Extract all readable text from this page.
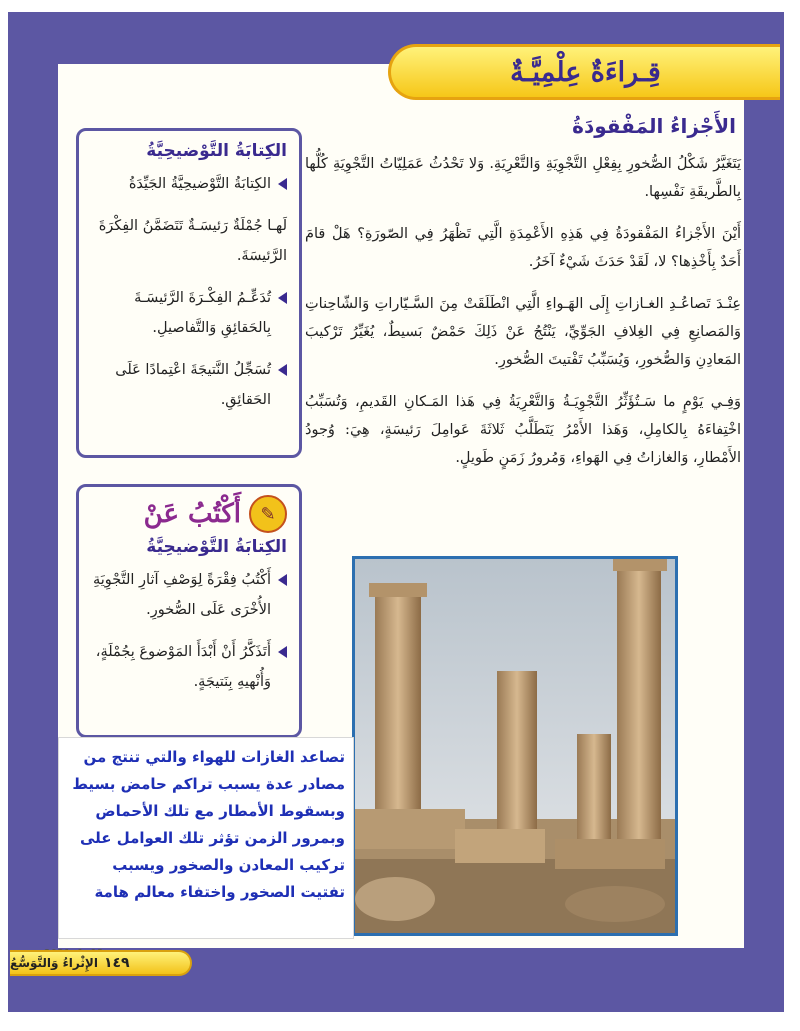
قِـراءَةٌ عِلْمِيَّـةٌ
الأَجْزاءُ المَفْقودَةُ

يَتَغَيَّرُ شَكْلُ الصُّخورِ بِفِعْلِ التَّجْوِيَةِ وَالتَّعْرِيَةِ. وَلا تَحْدُثُ عَمَلِيّاتُ التَّجْوِيَةِ كُلُّها بِالطَّريقَةِ نَفْسِها.

أَيْنَ الأَجْزاءُ المَفْقودَةُ فِي هَذِهِ الأَعْمِدَةِ الَّتِي تَظْهَرُ فِي الصّورَةِ؟ هَلْ قامَ أَحَدٌ بِأَخْذِها؟ لا، لَقَدْ حَدَثَ شَيْءٌ آخَرُ.

عِنْـدَ تَصاعُـدِ الغـازاتِ إِلَى الهَـواءِ الَّتِي انْطَلَقَتْ مِنَ السَّـيّاراتِ وَالشّاحِناتِ وَالمَصانِعِ فِي الغِلافِ الجَوِّيِّ، يَنْتُجُ عَنْ ذَلِكَ حَمْضٌ بَسيطٌ، يُغَيِّرُ تَرْكيبَ المَعادِنِ وَالصُّخورِ، وَيُسَبِّبُ تَفْتيتَ الصُّخورِ.

وَفِـي يَوْمٍ ما سَـتُؤَثِّرُ التَّجْوِيَـةُ وَالتَّعْرِيَةُ فِي هَذا المَـكانِ القَديمِ، وَتُسَبِّبُ اخْتِفاءَهُ بِالكامِلِ، وَهَذا الأَمْرُ يَتَطَلَّبُ ثَلاثَةَ عَوامِلَ رَئيسَةٍ، هِيَ: وُجودُ الأَمْطارِ، وَالغازاتُ فِي الهَواءِ، وَمُرورُ زَمَنٍ طَويلٍ.

الكِتابَةُ التَّوْضيحِيَّةُ
الكِتابَةُ التَّوْضيحِيَّةُ الجَيِّدَةُ

لَهـا جُمْلَةٌ رَئيسَـةٌ تَتَضَمَّنُ الفِكْرَةَ الرَّئيسَةَ.

تُدَعِّـمُ الفِكْـرَةَ الرَّئيسَـةَ بِالحَقائِقِ وَالتَّفاصيلِ.
تُسَجِّلُ النَّتيجَةَ اعْتِمادًا عَلَى الحَقائِقِ.
✎
أَكْتُبُ عَنْ
الكِتابَةُ التَّوْضيحِيَّةُ
أَكْتُبُ فِقْرَةً لِوَصْفِ آثارِ التَّجْوِيَةِ الأُخْرَى عَلَى الصُّخورِ.
أَتَذَكَّرُ أَنْ أَبْدَأَ المَوْضوعَ بِجُمْلَةٍ، وَأُنْهيهِ بِنَتيجَةٍ.
تصاعد الغازات للهواء والتي تنتج من مصادر عدة يسبب تراكم حامض بسيط وبسقوط الأمطار مع تلك الأحماض وبمرور الزمن تؤثر تلك العوامل على تركيب المعادن والصخور ويسبب تفتيت الصخور واختفاء معالم هامة
١٤٩
الإِثْراءُ وَالتَّوَسُّعُ
